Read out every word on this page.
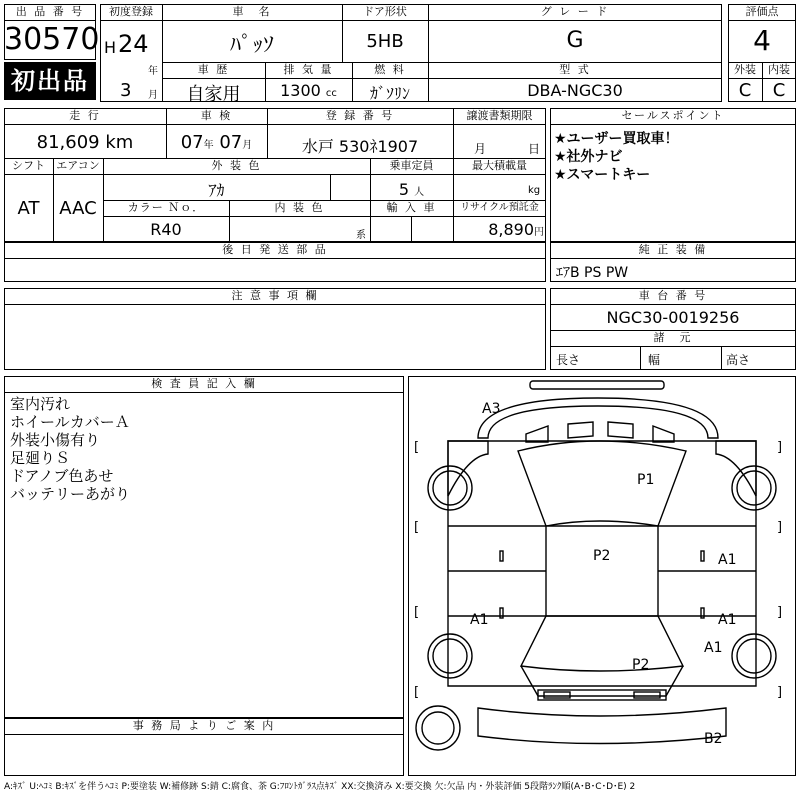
出 品 番 号
30570
初出品
初度登録
H 24
年
3 月
車　名
ﾊﾟｯｿ
ドア形状
5HB
グ レ ー ド
G
車 歴
自家用
排 気 量
1300 cc
燃 料
ｶﾞｿﾘﾝ
型 式
DBA-NGC30
評価点
4
外装	内装
C	C
走 行
81,609 km
車 検
07年 07月
登 録 番 号
水戸 530ﾈ1907
譲渡書類期限
月	日
シフト
AT
エアコン
AAC
外 装 色
ｱｶ
乗車定員
5 人
最大積載量
kg
カラー Ｎｏ．
R40
内 装 色
系
輸 入 車	リサイクル預託金
8,890円
後 日 発 送 部 品
セールスポイント
★ユーザー買取車！
★社外ナビ
★スマートキー
純 正 装 備
ｴｱB PS PW
注 意 事 項 欄	車 台 番 号
NGC30-0019256
諸　元
長さ	幅	高さ
検 査 員 記 入 欄
室内汚れ
ホイールカバーＡ
外装小傷有り
足廻りＳ
ドアノブ色あせ
バッテリーあがり
事 務 局 よ り ご 案 内
[	]
[	]
[	]
[	]
A3
P1
P2	A1
A1	A1
A1
P2
B2
A:ｷｽﾞ U:ﾍｺﾐ B:ｷｽﾞを伴うﾍｺﾐ P:要塗装 W:補修跡 S:錆 C:腐食、茶 G:ﾌﾛﾝﾄｶﾞﾗｽ点ｷｽﾞ XX:交換済み X:要交換 欠:欠品 内・外装評価 5段階ﾗﾝｸ順(A･B･C･D･E) 2
